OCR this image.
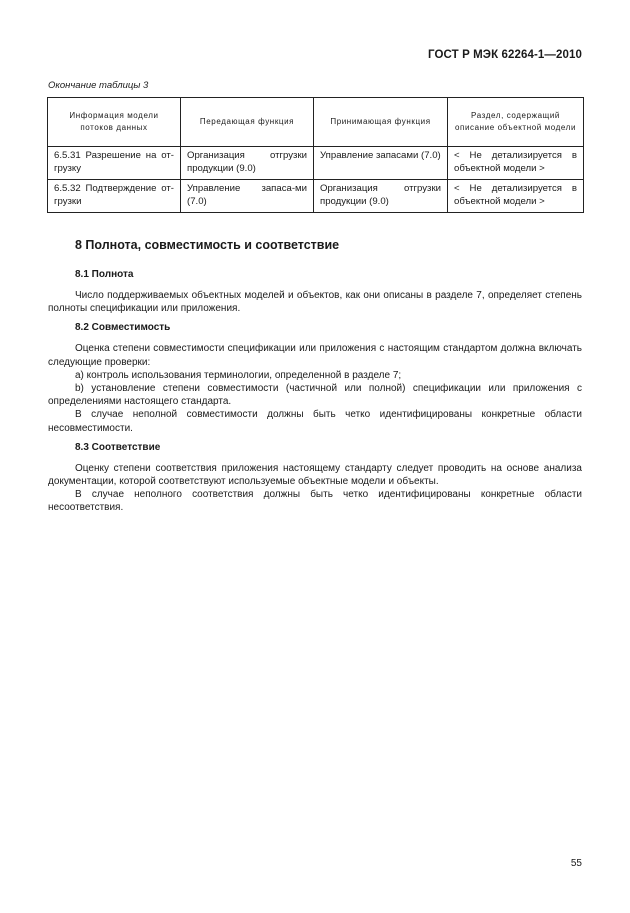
ГОСТ Р МЭК 62264-1—2010
Окончание таблицы 3
Информация модели потоков данных	Передающая функция	Принимающая функция	Раздел, содержащий описание объектной модели
6.5.31 Разрешение на от-грузку	Организация отгрузки продукции (9.0)	Управление запасами (7.0)	< Не детализируется в объектной модели >
6.5.32 Подтверждение от-грузки	Управление запаса-ми (7.0)	Организация отгрузки продукции (9.0)	< Не детализируется в объектной модели >
8 Полнота, совместимость и соответствие
8.1 Полнота

Число поддерживаемых объектных моделей и объектов, как они описаны в разделе 7, определяет степень полноты спецификации или приложения.

8.2 Совместимость

Оценка степени совместимости спецификации или приложения с настоящим стандартом должна включать следующие проверки:

a) контроль использования терминологии, определенной в разделе 7;

b) установление степени совместимости (частичной или полной) спецификации или приложения с определениями настоящего стандарта.

В случае неполной совместимости должны быть четко идентифицированы конкретные области несовместимости.

8.3 Соответствие

Оценку степени соответствия приложения настоящему стандарту следует проводить на основе анализа документации, которой соответствуют используемые объектные модели и объекты.

В случае неполного соответствия должны быть четко идентифицированы конкретные области несоответствия.

55
